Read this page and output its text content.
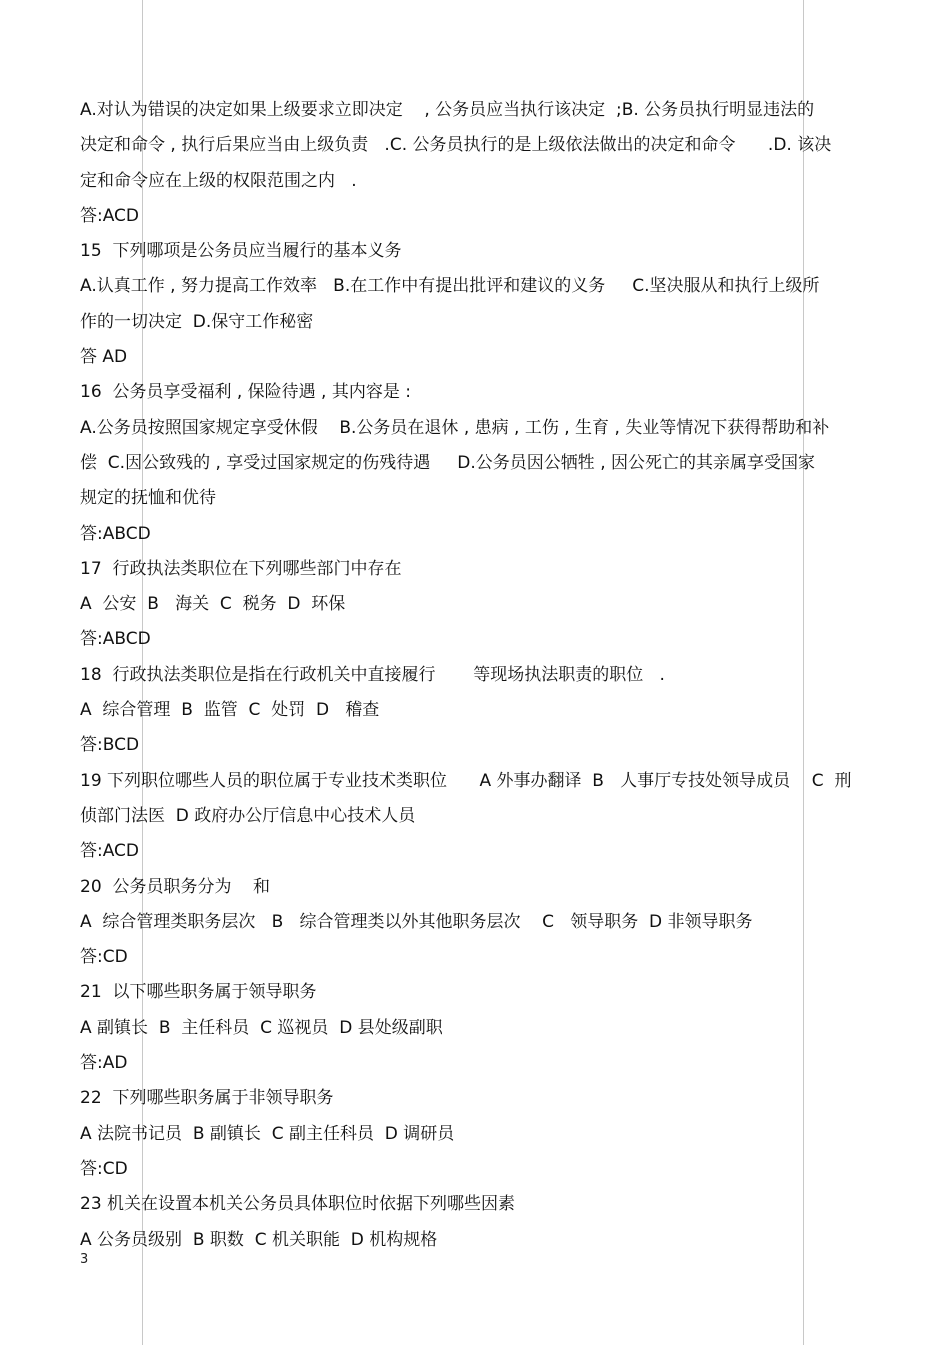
A.对认为错误的决定如果上级要求立即决定    , 公务员应当执行该决定  ;B. 公务员执行明显违法的
决定和命令 , 执行后果应当由上级负责   .C. 公务员执行的是上级依法做出的决定和命令      .D. 该决
定和命令应在上级的权限范围之内   .
答:ACD
15  下列哪项是公务员应当履行的基本义务
A.认真工作 , 努力提高工作效率   B.在工作中有提出批评和建议的义务     C.坚决服从和执行上级所
作的一切决定  D.保守工作秘密
答 AD
16  公务员享受福利 , 保险待遇 , 其内容是 :
A.公务员按照国家规定享受休假    B.公务员在退休 , 患病 , 工伤 , 生育 , 失业等情况下获得帮助和补
偿  C.因公致残的 , 享受过国家规定的伤残待遇     D.公务员因公牺牲 , 因公死亡的其亲属享受国家
规定的抚恤和优待
答:ABCD
17  行政执法类职位在下列哪些部门中存在
A  公安  B   海关  C  税务  D  环保
答:ABCD
18  行政执法类职位是指在行政机关中直接履行       等现场执法职责的职位   .
A  综合管理  B  监管  C  处罚  D   稽查
答:BCD
19 下列职位哪些人员的职位属于专业技术类职位      A 外事办翻译  B   人事厅专技处领导成员    C  刑
侦部门法医  D 政府办公厅信息中心技术人员
答:ACD
20  公务员职务分为    和
A  综合管理类职务层次   B   综合管理类以外其他职务层次    C   领导职务  D 非领导职务
答:CD
21  以下哪些职务属于领导职务
A 副镇长  B  主任科员  C 巡视员  D 县处级副职
答:AD
22  下列哪些职务属于非领导职务
A 法院书记员  B 副镇长  C 副主任科员  D 调研员
答:CD
23 机关在设置本机关公务员具体职位时依据下列哪些因素
A 公务员级别  B 职数  C 机关职能  D 机构规格
3
